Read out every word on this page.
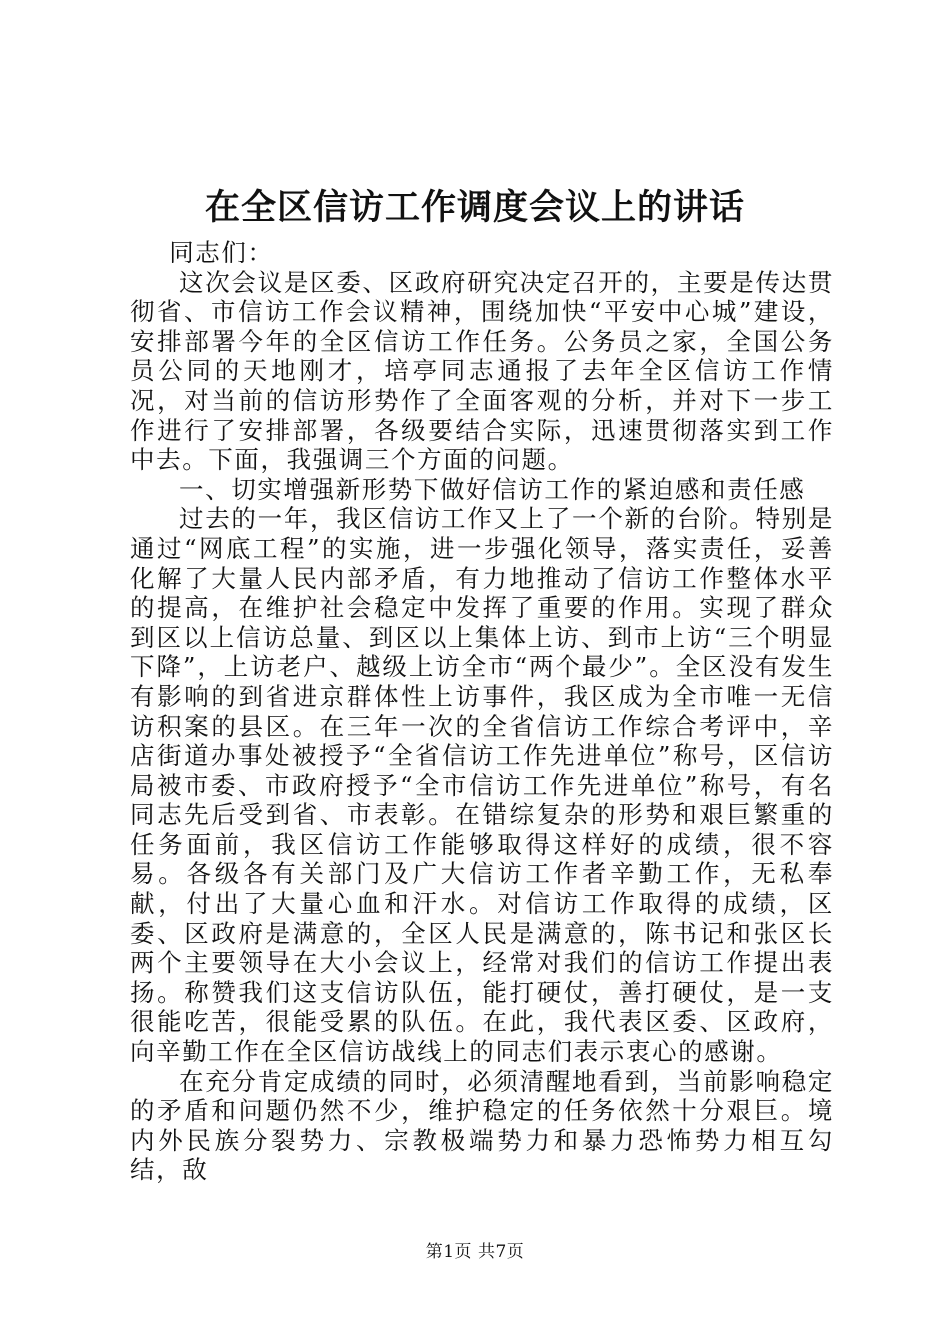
在全区信访工作调度会议上的讲话

同志们：

这次会议是区委、区政府研究决定召开的，主要是传达贯彻省、市信访工作会议精神，围绕加快“平安中心城”建设，安排部署今年的全区信访工作任务。公务员之家，全国公务员公同的天地刚才，培亭同志通报了去年全区信访工作情况，对当前的信访形势作了全面客观的分析，并对下一步工作进行了安排部署，各级要结合实际，迅速贯彻落实到工作中去。下面，我强调三个方面的问题。

一、切实增强新形势下做好信访工作的紧迫感和责任感

过去的一年，我区信访工作又上了一个新的台阶。特别是通过“网底工程”的实施，进一步强化领导，落实责任，妥善化解了大量人民内部矛盾，有力地推动了信访工作整体水平的提高，在维护社会稳定中发挥了重要的作用。实现了群众到区以上信访总量、到区以上集体上访、到市上访“三个明显下降”，上访老户、越级上访全市“两个最少”。全区没有发生有影响的到省进京群体性上访事件，我区成为全市唯一无信访积案的县区。在三年一次的全省信访工作综合考评中，辛店街道办事处被授予“全省信访工作先进单位”称号，区信访局被市委、市政府授予“全市信访工作先进单位”称号，有名同志先后受到省、市表彰。在错综复杂的形势和艰巨繁重的任务面前，我区信访工作能够取得这样好的成绩，很不容易。各级各有关部门及广大信访工作者辛勤工作，无私奉献，付出了大量心血和汗水。对信访工作取得的成绩，区委、区政府是满意的，全区人民是满意的，陈书记和张区长两个主要领导在大小会议上，经常对我们的信访工作提出表扬。称赞我们这支信访队伍，能打硬仗，善打硬仗，是一支很能吃苦，很能受累的队伍。在此，我代表区委、区政府，向辛勤工作在全区信访战线上的同志们表示衷心的感谢。

在充分肯定成绩的同时，必须清醒地看到，当前影响稳定的矛盾和问题仍然不少，维护稳定的任务依然十分艰巨。境内外民族分裂势力、宗教极端势力和暴力恐怖势力相互勾结，敌

第1页 共7页
